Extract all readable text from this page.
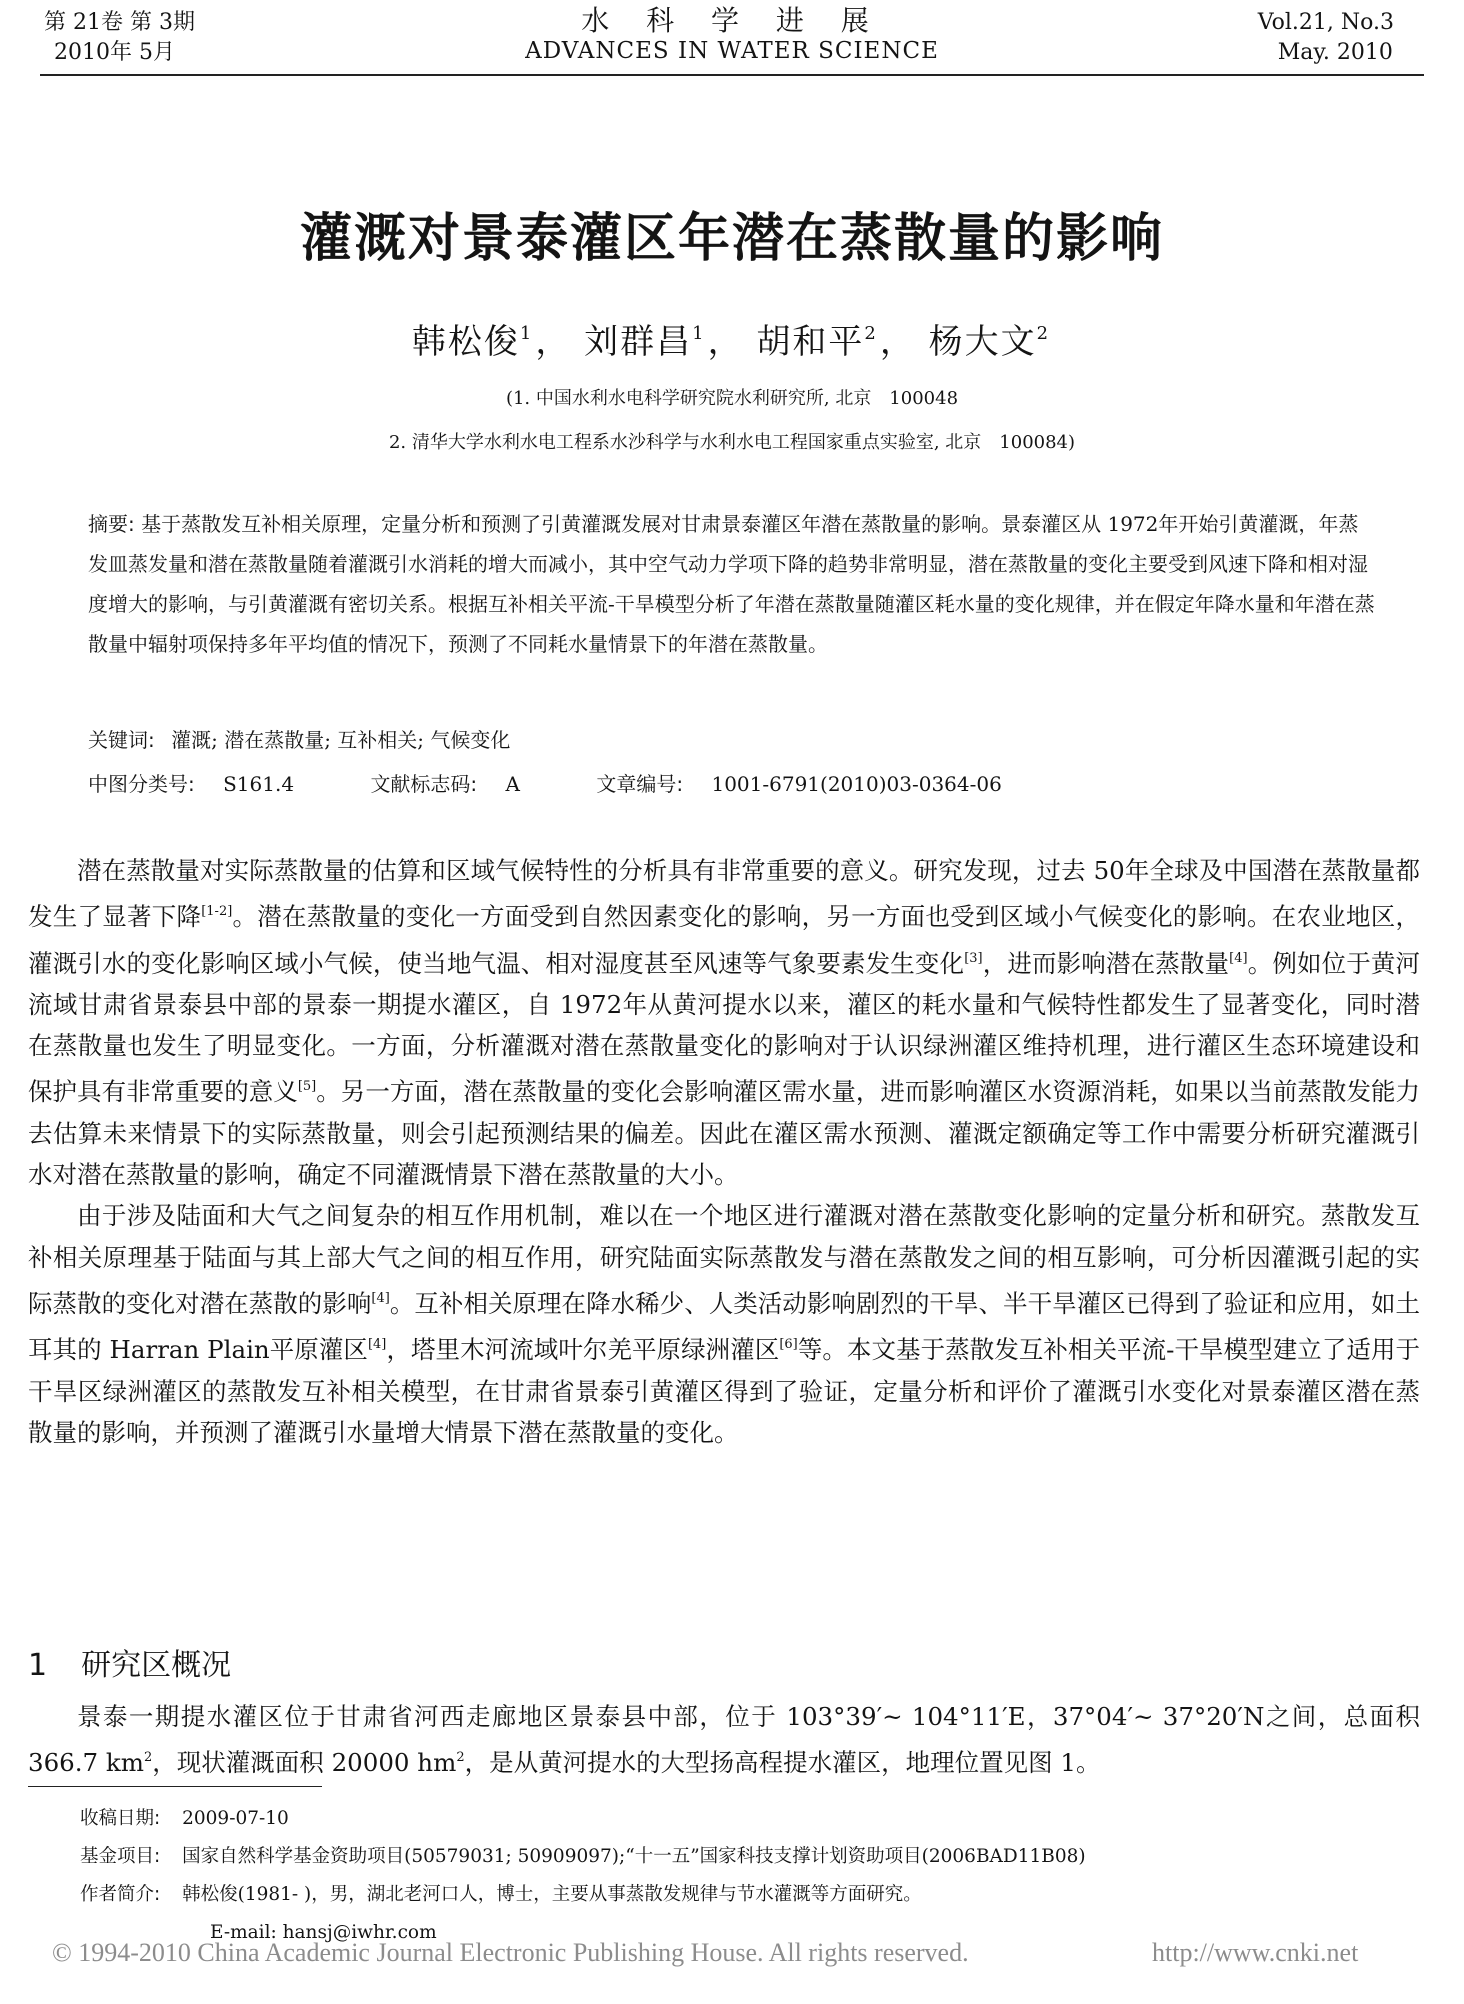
第 21卷 第 3期
2010年 5月
水 科 学 进 展
ADVANCES IN WATER SCIENCE
Vol.21, No.3
May. 2010
灌溉对景泰灌区年潜在蒸散量的影响
韩松俊$^1$， 刘群昌$^1$， 胡和平$^2$， 杨大文$^2$
(1. 中国水利水电科学研究院水利研究所, 北京　100048
2. 清华大学水利水电工程系水沙科学与水利水电工程国家重点实验室, 北京　100084)
摘要: 基于蒸散发互补相关原理，定量分析和预测了引黄灌溉发展对甘肃景泰灌区年潜在蒸散量的影响。景泰灌区从 1972年开始引黄灌溉，年蒸发皿蒸发量和潜在蒸散量随着灌溉引水消耗的增大而减小，其中空气动力学项下降的趋势非常明显，潜在蒸散量的变化主要受到风速下降和相对湿度增大的影响，与引黄灌溉有密切关系。根据互补相关平流-干旱模型分析了年潜在蒸散量随灌区耗水量的变化规律，并在假定年降水量和年潜在蒸散量中辐射项保持多年平均值的情况下，预测了不同耗水量情景下的年潜在蒸散量。
关键词: 灌溉; 潜在蒸散量; 互补相关; 气候变化
中图分类号: S161.4	文献标志码: A	文章编号: 1001-6791(2010)03-0364-06

潜在蒸散量对实际蒸散量的估算和区域气候特性的分析具有非常重要的意义。研究发现，过去 50年全球及中国潜在蒸散量都发生了显著下降[1-2]。潜在蒸散量的变化一方面受到自然因素变化的影响，另一方面也受到区域小气候变化的影响。在农业地区，灌溉引水的变化影响区域小气候，使当地气温、相对湿度甚至风速等气象要素发生变化[3]，进而影响潜在蒸散量[4]。例如位于黄河流域甘肃省景泰县中部的景泰一期提水灌区，自 1972年从黄河提水以来，灌区的耗水量和气候特性都发生了显著变化，同时潜在蒸散量也发生了明显变化。一方面，分析灌溉对潜在蒸散量变化的影响对于认识绿洲灌区维持机理，进行灌区生态环境建设和保护具有非常重要的意义[5]。另一方面，潜在蒸散量的变化会影响灌区需水量，进而影响灌区水资源消耗，如果以当前蒸散发能力去估算未来情景下的实际蒸散量，则会引起预测结果的偏差。因此在灌区需水预测、灌溉定额确定等工作中需要分析研究灌溉引水对潜在蒸散量的影响，确定不同灌溉情景下潜在蒸散量的大小。

由于涉及陆面和大气之间复杂的相互作用机制，难以在一个地区进行灌溉对潜在蒸散变化影响的定量分析和研究。蒸散发互补相关原理基于陆面与其上部大气之间的相互作用，研究陆面实际蒸散发与潜在蒸散发之间的相互影响，可分析因灌溉引起的实际蒸散的变化对潜在蒸散的影响[4]。互补相关原理在降水稀少、人类活动影响剧烈的干旱、半干旱灌区已得到了验证和应用，如土耳其的 Harran Plain平原灌区[4]，塔里木河流域叶尔羌平原绿洲灌区[6]等。本文基于蒸散发互补相关平流-干旱模型建立了适用于干旱区绿洲灌区的蒸散发互补相关模型，在甘肃省景泰引黄灌区得到了验证，定量分析和评价了灌溉引水变化对景泰灌区潜在蒸散量的影响，并预测了灌溉引水量增大情景下潜在蒸散量的变化。

1 研究区概况

景泰一期提水灌区位于甘肃省河西走廊地区景泰县中部，位于 103°39′~ 104°11′E，37°04′~ 37°20′N之间，总面积 366.7 $km^2$，现状灌溉面积 20000 $hm^2$，是从黄河提水的大型扬高程提水灌区，地理位置见图 1。

收稿日期: 2009-07-10
基金项目: 国家自然科学基金资助项目(50579031; 50909097);“十一五”国家科技支撑计划资助项目(2006BAD11B08)
作者简介: 韩松俊(1981- )，男，湖北老河口人，博士，主要从事蒸散发规律与节水灌溉等方面研究。
E-mail: hansj@iwhr.com
© 1994-2010 China Academic Journal Electronic Publishing House. All rights reserved.	http://www.cnki.net
